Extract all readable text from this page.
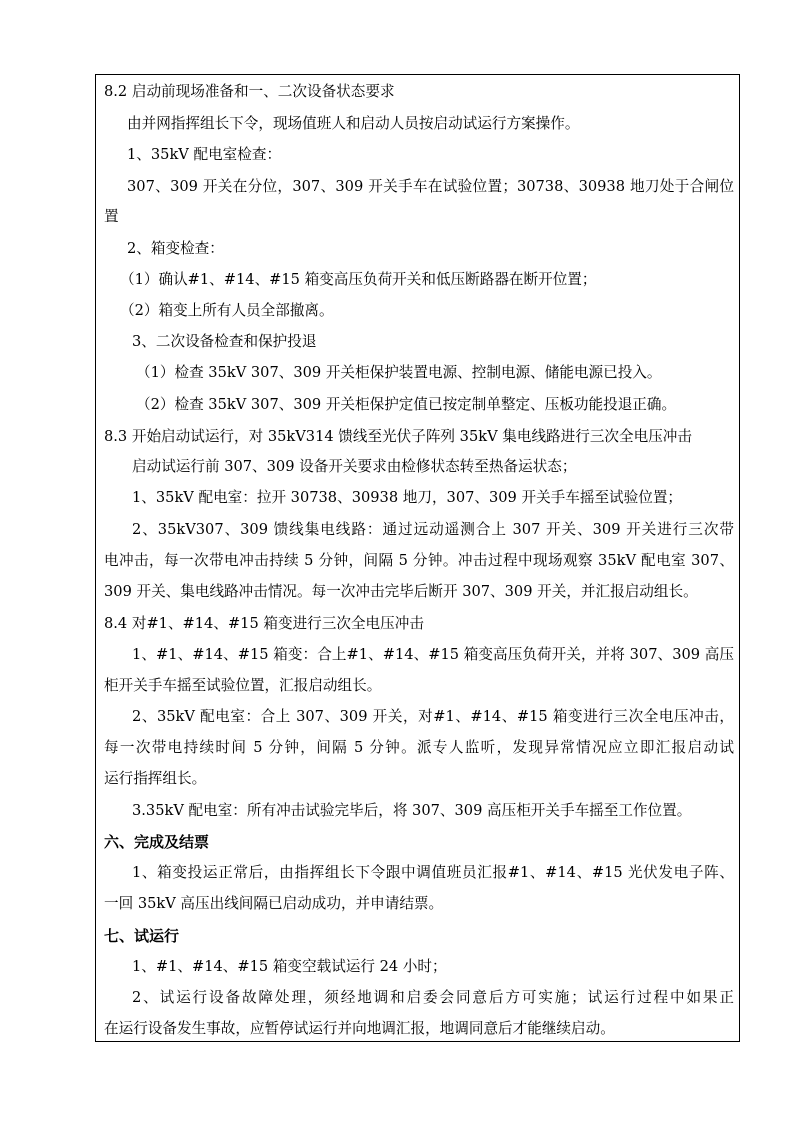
8.2 启动前现场准备和一、二次设备状态要求
由并网指挥组长下令，现场值班人和启动人员按启动试运行方案操作。
1、35kV 配电室检查：
307、309 开关在分位，307、309 开关手车在试验位置；30738、30938 地刀处于合闸位
置
2、箱变检查：
（1）确认#1、#14、#15 箱变高压负荷开关和低压断路器在断开位置；
（2）箱变上所有人员全部撤离。
3、二次设备检查和保护投退
（1）检查 35kV 307、309 开关柜保护装置电源、控制电源、储能电源已投入。
（2）检查 35kV 307、309 开关柜保护定值已按定制单整定、压板功能投退正确。
8.3 开始启动试运行，对 35kV314 馈线至光伏子阵列 35kV 集电线路进行三次全电压冲击
启动试运行前 307、309 设备开关要求由检修状态转至热备运状态；
1、35kV 配电室：拉开 30738、30938 地刀，307、309 开关手车摇至试验位置；
2、35kV307、309 馈线集电线路：通过远动遥测合上 307 开关、309 开关进行三次带
电冲击，每一次带电冲击持续 5 分钟，间隔 5 分钟。冲击过程中现场观察 35kV 配电室 307、
309 开关、集电线路冲击情况。每一次冲击完毕后断开 307、309 开关，并汇报启动组长。
8.4 对#1、#14、#15 箱变进行三次全电压冲击
1、#1、#14、#15 箱变：合上#1、#14、#15 箱变高压负荷开关，并将 307、309 高压
柜开关手车摇至试验位置，汇报启动组长。
2、35kV 配电室：合上 307、309 开关，对#1、#14、#15 箱变进行三次全电压冲击，
每一次带电持续时间 5 分钟，间隔 5 分钟。派专人监听，发现异常情况应立即汇报启动试
运行指挥组长。
3.35kV 配电室：所有冲击试验完毕后，将 307、309 高压柜开关手车摇至工作位置。
六、完成及结票
1、箱变投运正常后，由指挥组长下令跟中调值班员汇报#1、#14、#15 光伏发电子阵、
一回 35kV 高压出线间隔已启动成功，并申请结票。
七、试运行
1、#1、#14、#15 箱变空载试运行 24 小时；
2、试运行设备故障处理，须经地调和启委会同意后方可实施；试运行过程中如果正
在运行设备发生事故，应暂停试运行并向地调汇报，地调同意后才能继续启动。
